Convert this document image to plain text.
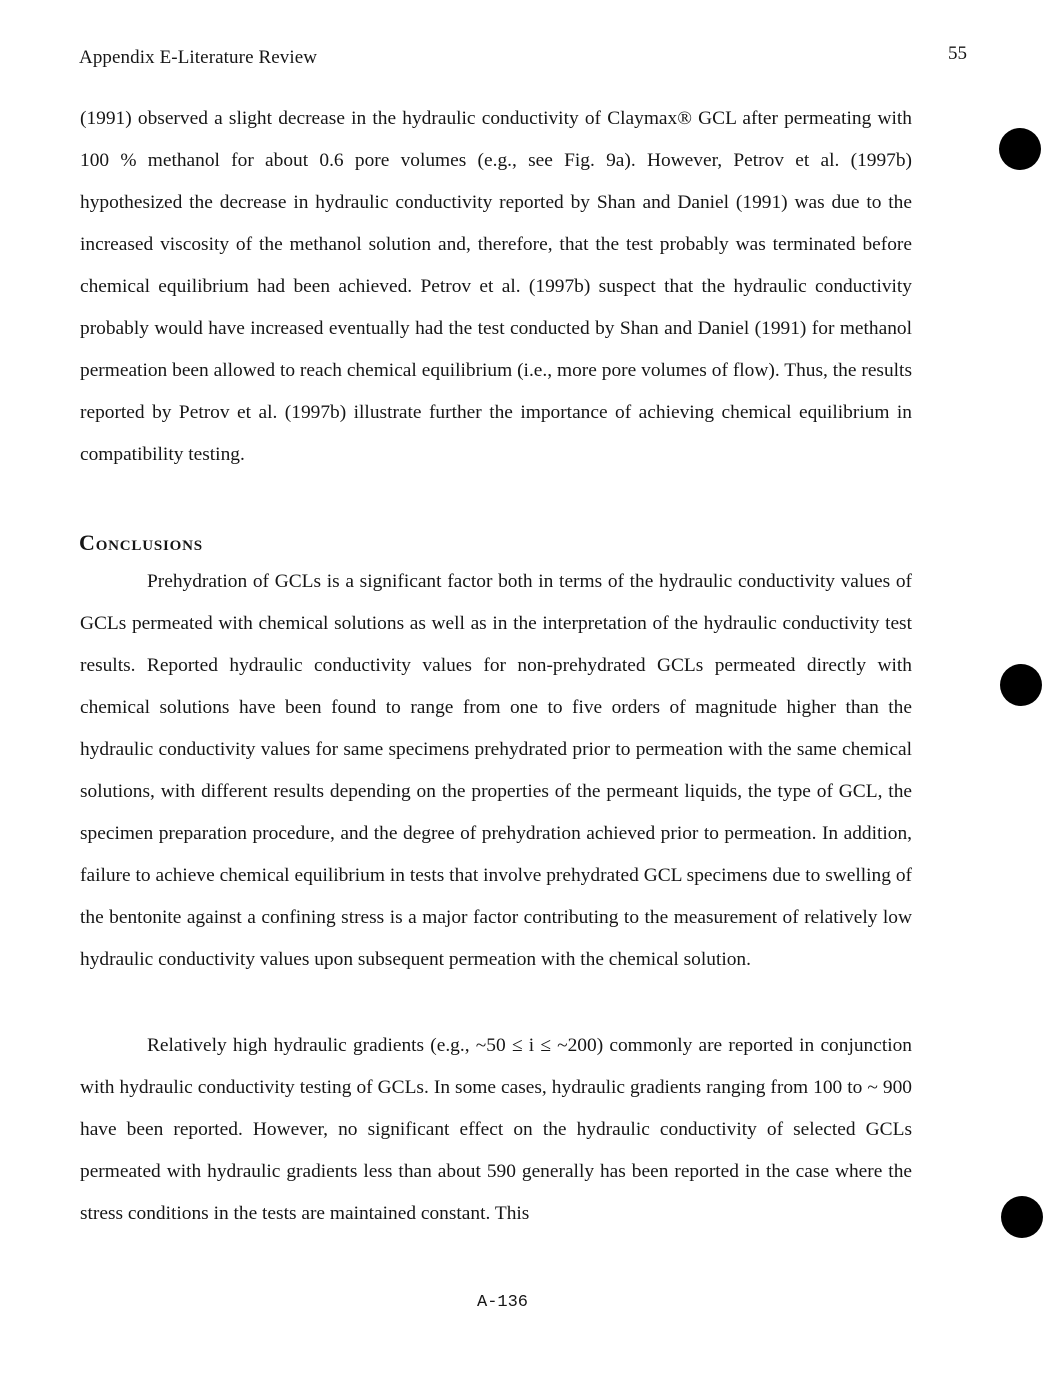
Appendix E-Literature Review	55

(1991) observed a slight decrease in the hydraulic conductivity of Claymax® GCL after permeating with 100 % methanol for about 0.6 pore volumes (e.g., see Fig. 9a). However, Petrov et al. (1997b) hypothesized the decrease in hydraulic conductivity reported by Shan and Daniel (1991) was due to the increased viscosity of the methanol solution and, therefore, that the test probably was terminated before chemical equilibrium had been achieved. Petrov et al. (1997b) suspect that the hydraulic conductivity probably would have increased eventually had the test conducted by Shan and Daniel (1991) for methanol permeation been allowed to reach chemical equilibrium (i.e., more pore volumes of flow). Thus, the results reported by Petrov et al. (1997b) illustrate further the importance of achieving chemical equilibrium in compatibility testing.

Conclusions

Prehydration of GCLs is a significant factor both in terms of the hydraulic conductivity values of GCLs permeated with chemical solutions as well as in the interpretation of the hydraulic conductivity test results. Reported hydraulic conductivity values for non-prehydrated GCLs permeated directly with chemical solutions have been found to range from one to five orders of magnitude higher than the hydraulic conductivity values for same specimens prehydrated prior to permeation with the same chemical solutions, with different results depending on the properties of the permeant liquids, the type of GCL, the specimen preparation procedure, and the degree of prehydration achieved prior to permeation. In addition, failure to achieve chemical equilibrium in tests that involve prehydrated GCL specimens due to swelling of the bentonite against a confining stress is a major factor contributing to the measurement of relatively low hydraulic conductivity values upon subsequent permeation with the chemical solution.

Relatively high hydraulic gradients (e.g., ~50 ≤ i ≤ ~200) commonly are reported in conjunction with hydraulic conductivity testing of GCLs. In some cases, hydraulic gradients ranging from 100 to ~ 900 have been reported. However, no significant effect on the hydraulic conductivity of selected GCLs permeated with hydraulic gradients less than about 590 generally has been reported in the case where the stress conditions in the tests are maintained constant. This

A-136
